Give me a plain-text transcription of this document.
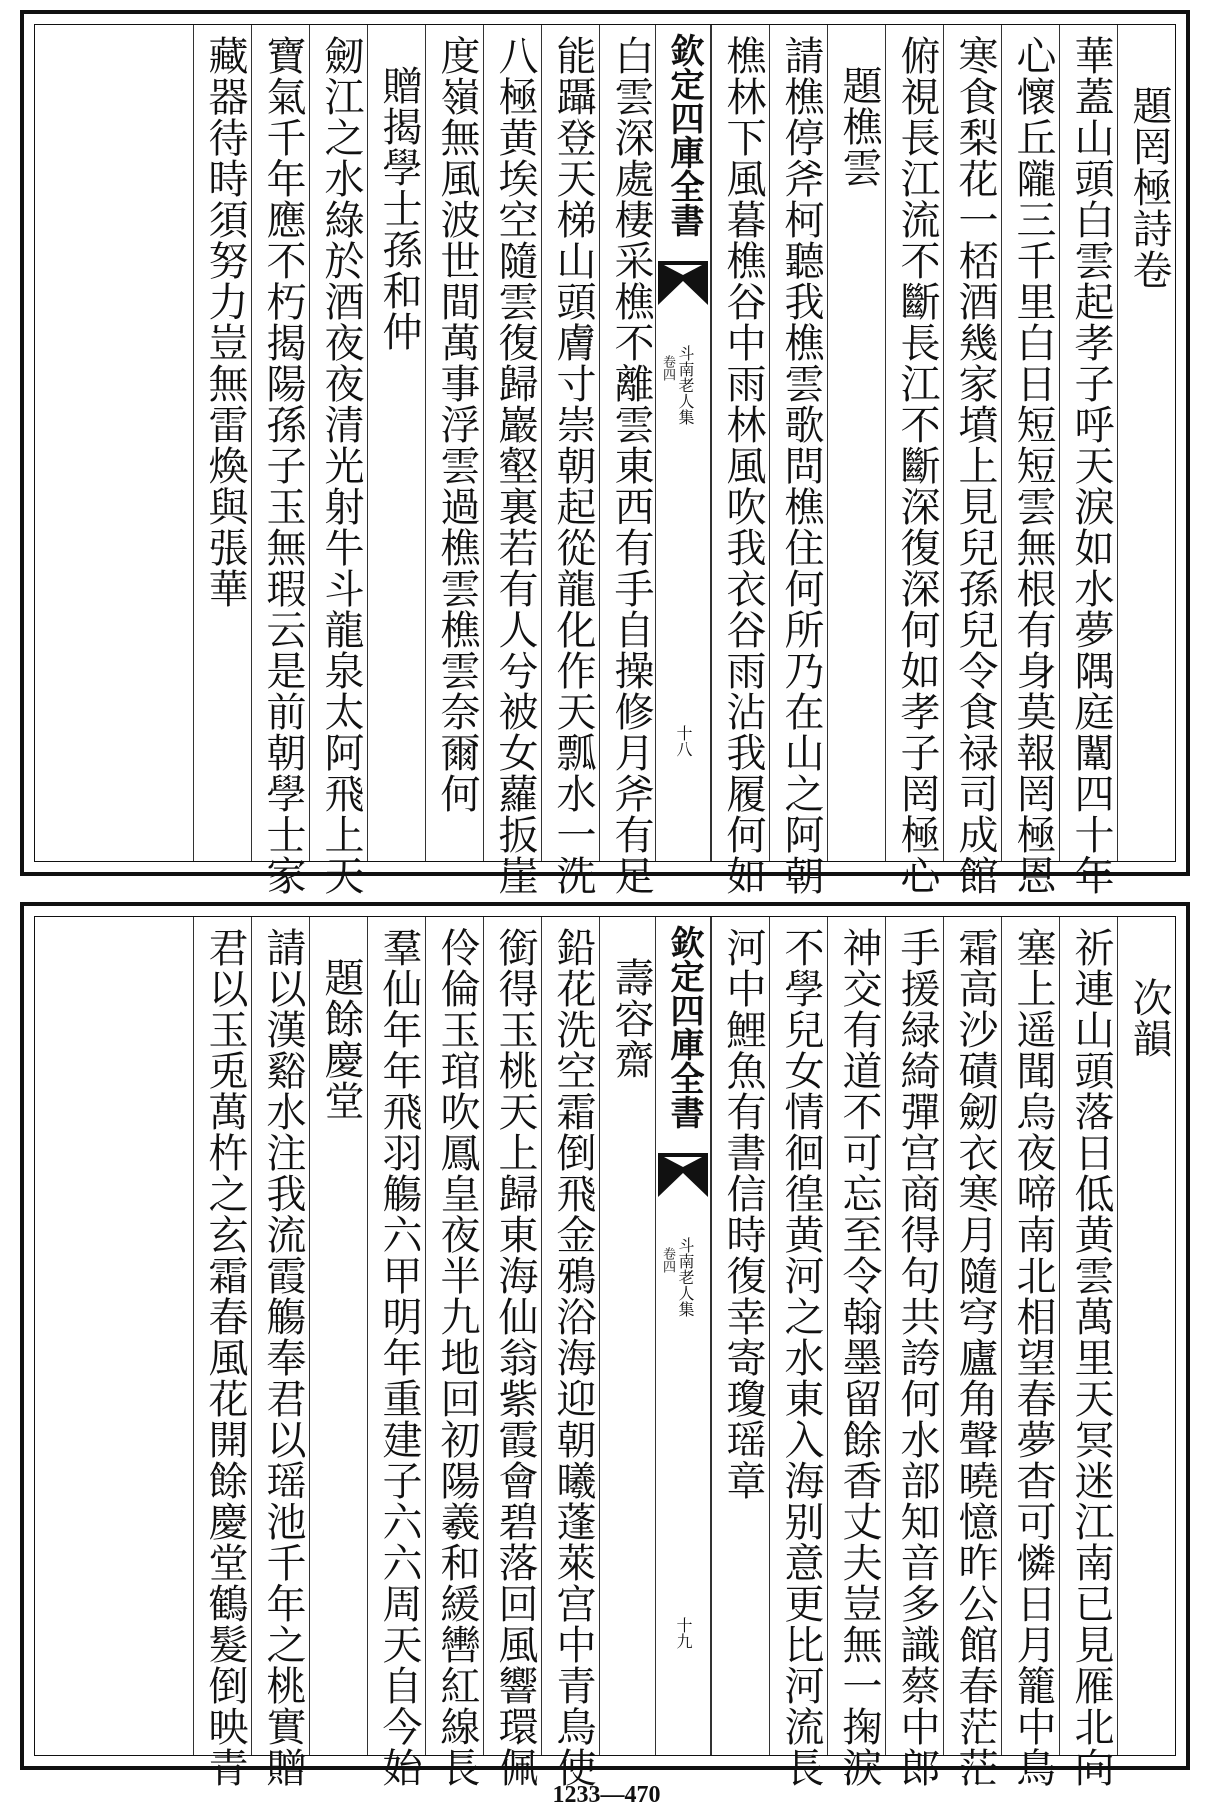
題罔極詩卷
華蓋山頭白雲起孝子呼天淚如水夢隅庭闈四十年
心懷丘隴三千里白日短短雲無根有身莫報罔極恩
寒食梨花一桮酒幾家墳上見兒孫兒令食禄司成館
俯視長江流不斷長江不斷深復深何如孝子罔極心
題樵雲
請樵停斧柯聽我樵雲歌問樵住何所乃在山之阿朝
樵林下風暮樵谷中雨林風吹我衣谷雨沾我履何如
欽定四庫全書
斗南老人集
卷四
十八
白雲深處棲采樵不離雲東西有手自操修月斧有足
能躡登天梯山頭膚寸崇朝起從龍化作天瓢水一洗
八極黄埃空隨雲復歸巖壑裏若有人兮被女蘿扳崖
度嶺無風波世間萬事浮雲過樵雲樵雲奈爾何
贈揭學士孫和仲
劒江之水綠於酒夜夜清光射牛斗龍泉太阿飛上天
寶氣千年應不朽揭陽孫子玉無瑕云是前朝學士家
藏器待時須努力豈無雷煥與張華
次韻
祈連山頭落日低黄雲萬里天冥迷江南已見雁北向
塞上遥聞烏夜啼南北相望春夢杳可憐日月籠中鳥
霜高沙磧劒衣寒月隨穹廬角聲曉憶昨公館春茫茫
手援緑綺彈宫商得句共誇何水部知音多識蔡中郎
神交有道不可忘至令翰墨留餘香丈夫豈無一掬淚
不學兒女情徊徨黄河之水東入海别意更比河流長
河中鯉魚有書信時復幸寄瓊瑶章
欽定四庫全書
斗南老人集
卷四
十九
壽容齋
鉛花洗空霜倒飛金鴉浴海迎朝曦蓬萊宫中青鳥使
銜得玉桃天上歸東海仙翁紫霞會碧落回風響環佩
伶倫玉琯吹鳳皇夜半九地回初陽羲和緩轡紅線長
羣仙年年飛羽觴六甲明年重建子六六周天自今始
題餘慶堂
請以漢谿水注我流霞觴奉君以瑶池千年之桃實贈
君以玉兎萬杵之玄霜春風花開餘慶堂鶴髮倒映青
1233—470
